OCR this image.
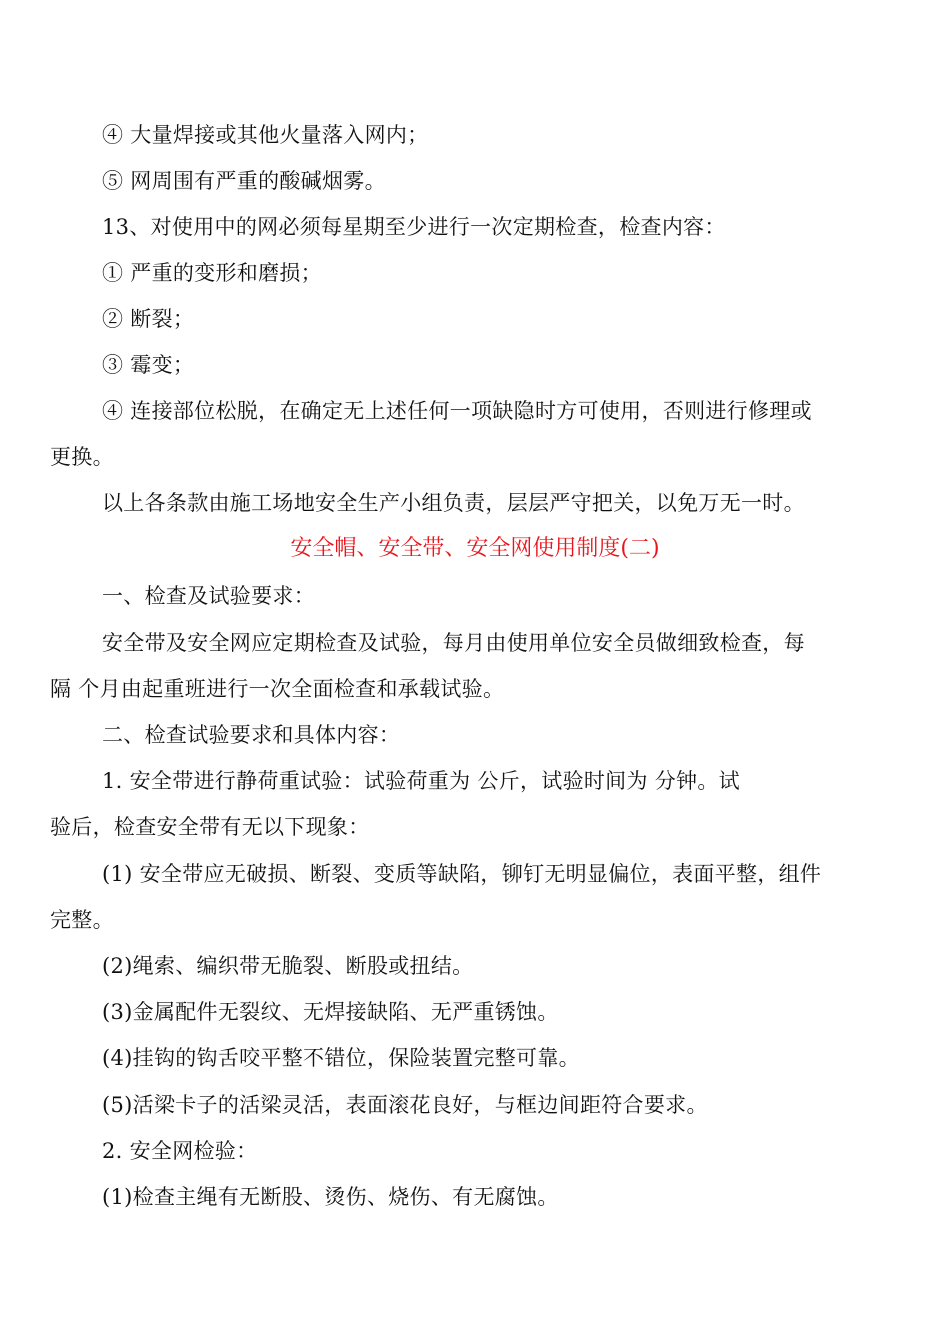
④ 大量焊接或其他火量落入网内；
⑤ 网周围有严重的酸碱烟雾。
13、对使用中的网必须每星期至少进行一次定期检查，检查内容：
① 严重的变形和磨损；
② 断裂；
③ 霉变；
④ 连接部位松脱，在确定无上述任何一项缺隐时方可使用，否则进行修理或
更换。
以上各条款由施工场地安全生产小组负责，层层严守把关，以免万无一时。
安全帽、安全带、安全网使用制度(二)
一、检查及试验要求：
安全带及安全网应定期检查及试验，每月由使用单位安全员做细致检查，每
隔 个月由起重班进行一次全面检查和承载试验。
二、检查试验要求和具体内容：
1. 安全带进行静荷重试验：试验荷重为 公斤，试验时间为 分钟。试
验后，检查安全带有无以下现象：
(1) 安全带应无破损、断裂、变质等缺陷，铆钉无明显偏位，表面平整，组件
完整。
(2)绳索、编织带无脆裂、断股或扭结。
(3)金属配件无裂纹、无焊接缺陷、无严重锈蚀。
(4)挂钩的钩舌咬平整不错位，保险装置完整可靠。
(5)活梁卡子的活梁灵活，表面滚花良好，与框边间距符合要求。
2. 安全网检验：
(1)检查主绳有无断股、烫伤、烧伤、有无腐蚀。
